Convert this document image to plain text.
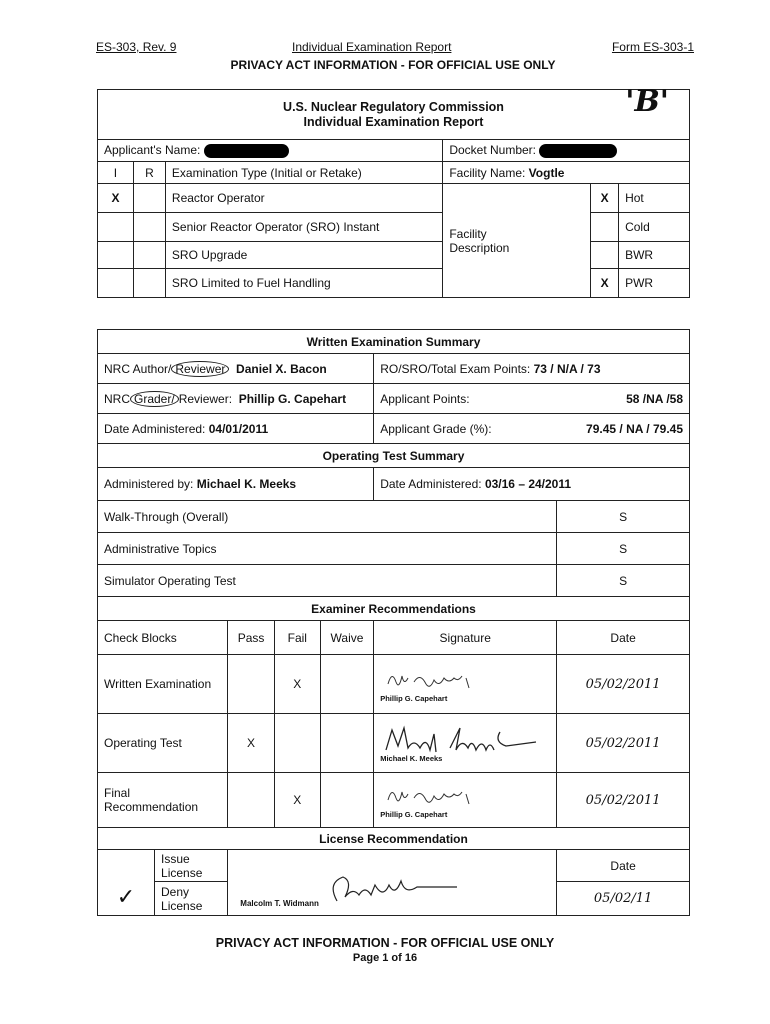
ES-303, Rev. 9	Individual Examination Report	Form ES-303-1
PRIVACY ACT INFORMATION - FOR OFFICIAL USE ONLY
U.S. Nuclear Regulatory Commission
Individual Examination Report
'B'					

Applicant's Name:			Docket Number:		
I	R	Examination Type (Initial or Retake)	Facility Name: Vogtle		
X		Reactor Operator	Facility Description	X	Hot
		Senior Reactor Operator (SRO) Instant			Cold
		SRO Upgrade			BWR
		SRO Limited to Fuel Handling		X	PWR
Written Examination Summary						
NRC Author/ Reviewer Daniel X. Bacon					RO/SRO/Total Exam Points: 73 / N/A / 73	
NRC Grader/ Reviewer: Phillip G. Capehart					Applicant Points: 58 /NA /58	

Date Administered: 04/01/2011					Applicant Grade (%): 79.45 / NA / 79.45	

Operating Test Summary						
Administered by: Michael K. Meeks					Date Administered: 03/16 – 24/2011	
Walk-Through (Overall)						S
Administrative Topics						S
Simulator Operating Test						S
Examiner Recommendations						
Check Blocks		Pass	Fail	Waive	Signature	Date
Written Examination			X		Phillip G. Capehart	05/02/2011
Operating Test		X			Michael K. Meeks	05/02/2011
Final Recommendation			X		Phillip G. Capehart	05/02/2011
License Recommendation						
✓	Issue License	Malcolm T. Widmann				Date
	Deny License					05/02/11
PRIVACY ACT INFORMATION - FOR OFFICIAL USE ONLY
Page 1 of 16
